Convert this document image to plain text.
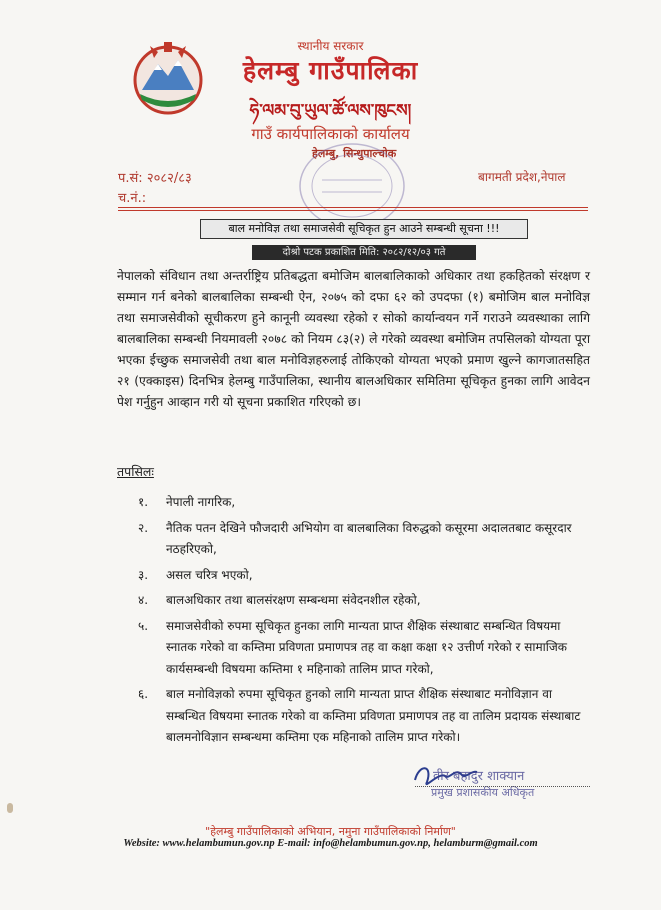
स्थानीय सरकार
हेलम्बु गाउँपालिका
ཧེ་ལམ་བུ་ཡུལ་ཚོ་ལས་ཁུངས།
गाउँ कार्यपालिकाको कार्यालय
हेलम्बु, सिन्धुपाल्चोक
प.सं: २०८२/८३
च.नं.:
बागमती प्रदेश,नेपाल
बाल मनोविज्ञ तथा समाजसेवी सूचिकृत हुन आउने सम्बन्धी सूचना !!!
दोश्रो पटक प्रकाशित मिति: २०८२/१२/०३ गते
नेपालको संविधान तथा अन्तर्राष्ट्रिय प्रतिबद्धता बमोजिम बालबालिकाको अधिकार तथा हकहितको संरक्षण र सम्मान गर्न बनेको बालबालिका सम्बन्धी ऐन, २०७५ को दफा ६२ को उपदफा (१) बमोजिम बाल मनोविज्ञ तथा समाजसेवीको सूचीकरण हुने कानूनी व्यवस्था रहेको र सोको कार्यान्वयन गर्ने गराउने व्यवस्थाका लागि बालबालिका सम्बन्धी नियमावली २०७८ को नियम ८३(२) ले गरेको व्यवस्था बमोजिम तपसिलको योग्यता पूरा भएका ईच्छुक समाजसेवी तथा बाल मनोविज्ञहरुलाई तोकिएको योग्यता भएको प्रमाण खुल्ने कागजातसहित २१ (एक्काइस) दिनभित्र हेलम्बु गाउँपालिका, स्थानीय बालअधिकार समितिमा सूचिकृत हुनका लागि आवेदन पेश गर्नुहुन आव्हान गरी यो सूचना प्रकाशित गरिएको छ।
तपसिलः
१. नेपाली नागरिक,
२. नैतिक पतन देखिने फौजदारी अभियोग वा बालबालिका विरुद्धको कसूरमा अदालतबाट कसूरदार नठहरिएको,
३. असल चरित्र भएको,
४. बालअधिकार तथा बालसंरक्षण सम्बन्धमा संवेदनशील रहेको,
५. समाजसेवीको रुपमा सूचिकृत हुनका लागि मान्यता प्राप्त शैक्षिक संस्थाबाट सम्बन्धित विषयमा स्नातक गरेको वा कम्तिमा प्रविणता प्रमाणपत्र तह वा कक्षा कक्षा १२ उत्तीर्ण गरेको र सामाजिक कार्यसम्बन्धी विषयमा कम्तिमा १ महिनाको तालिम प्राप्त गरेको,
६. बाल मनोविज्ञको रुपमा सूचिकृत हुनको लागि मान्यता प्राप्त शैक्षिक संस्थाबाट मनोविज्ञान वा सम्बन्धित विषयमा स्नातक गरेको वा कम्तिमा प्रविणता प्रमाणपत्र तह वा तालिम प्रदायक संस्थाबाट बालमनोविज्ञान सम्बन्धमा कम्तिमा एक महिनाको तालिम प्राप्त गरेको।
वीर बहादुर शाक्यान
प्रमुख प्रशासकीय अधिकृत
"हेलम्बु गाउँपालिकाको अभियान, नमुना गाउँपालिकाको निर्माण"
Website: www.helambumun.gov.np E-mail: info@helambumun.gov.np, helamburm@gmail.com
